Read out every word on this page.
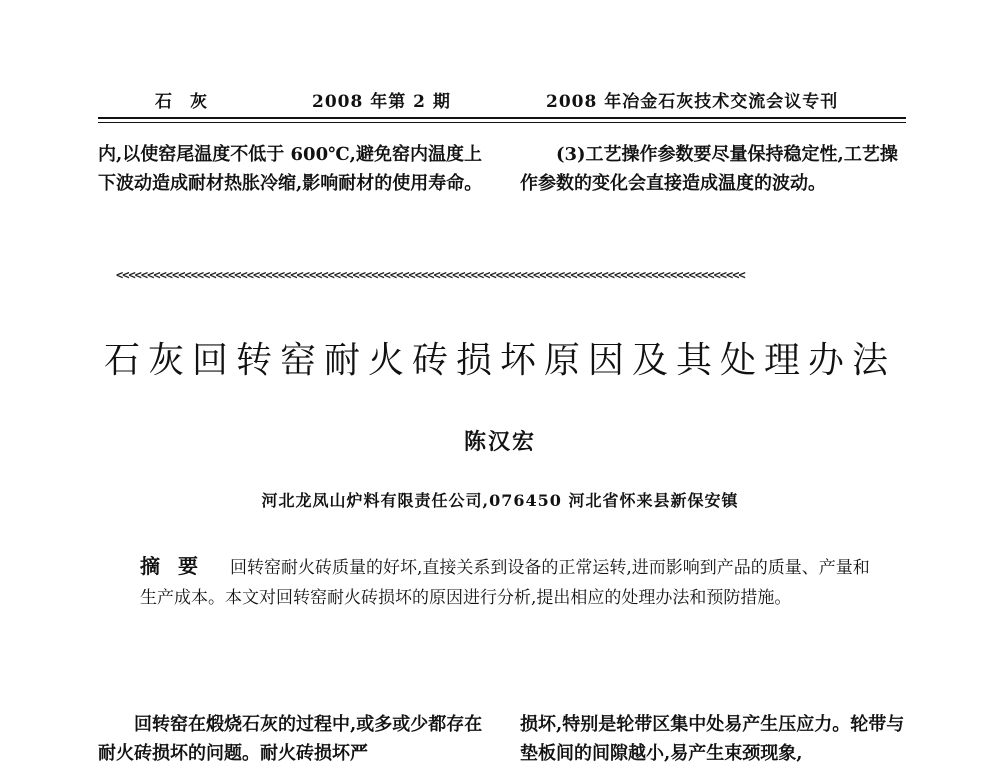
石灰	2008 年第 2 期	2008 年冶金石灰技术交流会议专刊
内,以使窑尾温度不低于 600℃,避免窑内温度上下波动造成耐材热胀冷缩,影响耐材的使用寿命。
(3)工艺操作参数要尽量保持稳定性,工艺操作参数的变化会直接造成温度的波动。
<<<<<<<<<<<<<<<<<<<<<<<<<<<<<<<<<<<<<<<<<<<<<<<<<<<<<<<<<<<<<<<<<<<<<<<<<<<<<<<<<<<<<<<<<<<<<<<<<<<<<
石灰回转窑耐火砖损坏原因及其处理办法
陈汉宏
河北龙凤山炉料有限责任公司,076450 河北省怀来县新保安镇
摘要 回转窑耐火砖质量的好坏,直接关系到设备的正常运转,进而影响到产品的质量、产量和生产成本。本文对回转窑耐火砖损坏的原因进行分析,提出相应的处理办法和预防措施。
回转窑在煅烧石灰的过程中,或多或少都存在耐火砖损坏的问题。耐火砖损坏严
损坏,特别是轮带区集中处易产生压应力。轮带与垫板间的间隙越小,易产生束颈现象,
